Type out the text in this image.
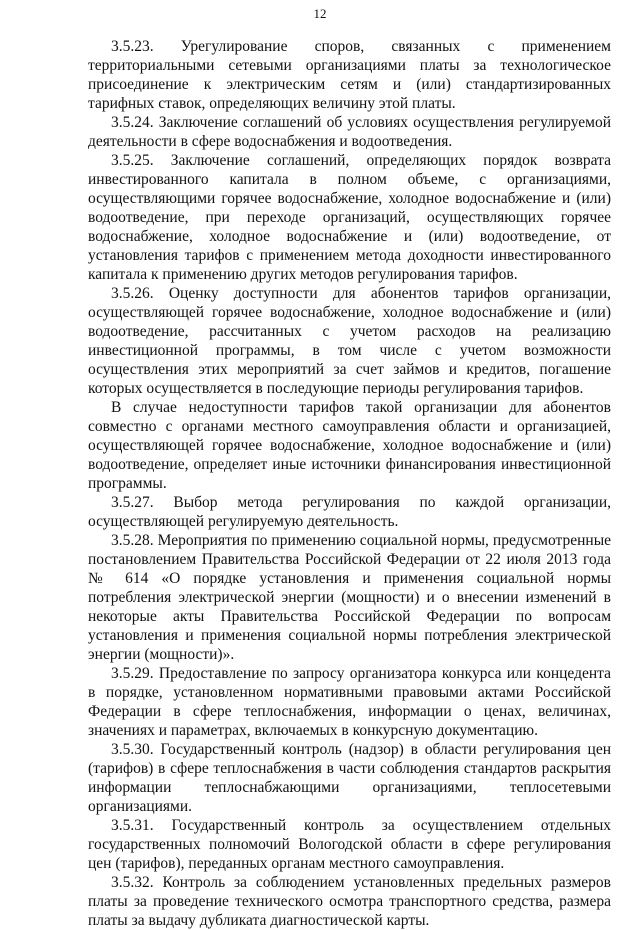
12

3.5.23. Урегулирование споров, связанных с применением территориальными сетевыми организациями платы за технологическое присоединение к электрическим сетям и (или) стандартизированных тарифных ставок, определяющих величину этой платы.

3.5.24. Заключение соглашений об условиях осуществления регулируемой деятельности в сфере водоснабжения и водоотведения.

3.5.25. Заключение соглашений, определяющих порядок возврата инвестированного капитала в полном объеме, с организациями, осуществляющими горячее водоснабжение, холодное водоснабжение и (или) водоотведение, при переходе организаций, осуществляющих горячее водоснабжение, холодное водоснабжение и (или) водоотведение, от установления тарифов с применением метода доходности инвестированного капитала к применению других методов регулирования тарифов.

3.5.26. Оценку доступности для абонентов тарифов организации, осуществляющей горячее водоснабжение, холодное водоснабжение и (или) водоотведение, рассчитанных с учетом расходов на реализацию инвестиционной программы, в том числе с учетом возможности осуществления этих мероприятий за счет займов и кредитов, погашение которых осуществляется в последующие периоды регулирования тарифов.

В случае недоступности тарифов такой организации для абонентов совместно с органами местного самоуправления области и организацией, осуществляющей горячее водоснабжение, холодное водоснабжение и (или) водоотведение, определяет иные источники финансирования инвестиционной программы.

3.5.27. Выбор метода регулирования по каждой организации, осуществляющей регулируемую деятельность.

3.5.28. Мероприятия по применению социальной нормы, предусмотренные постановлением Правительства Российской Федерации от 22 июля 2013 года № 614 «О порядке установления и применения социальной нормы потребления электрической энергии (мощности) и о внесении изменений в некоторые акты Правительства Российской Федерации по вопросам установления и применения социальной нормы потребления электрической энергии (мощности)».

3.5.29. Предоставление по запросу организатора конкурса или концедента в порядке, установленном нормативными правовыми актами Российской Федерации в сфере теплоснабжения, информации о ценах, величинах, значениях и параметрах, включаемых в конкурсную документацию.

3.5.30. Государственный контроль (надзор) в области регулирования цен (тарифов) в сфере теплоснабжения в части соблюдения стандартов раскрытия информации теплоснабжающими организациями, теплосетевыми организациями.

3.5.31. Государственный контроль за осуществлением отдельных государственных полномочий Вологодской области в сфере регулирования цен (тарифов), переданных органам местного самоуправления.

3.5.32. Контроль за соблюдением установленных предельных размеров платы за проведение технического осмотра транспортного средства, размера платы за выдачу дубликата диагностической карты.
